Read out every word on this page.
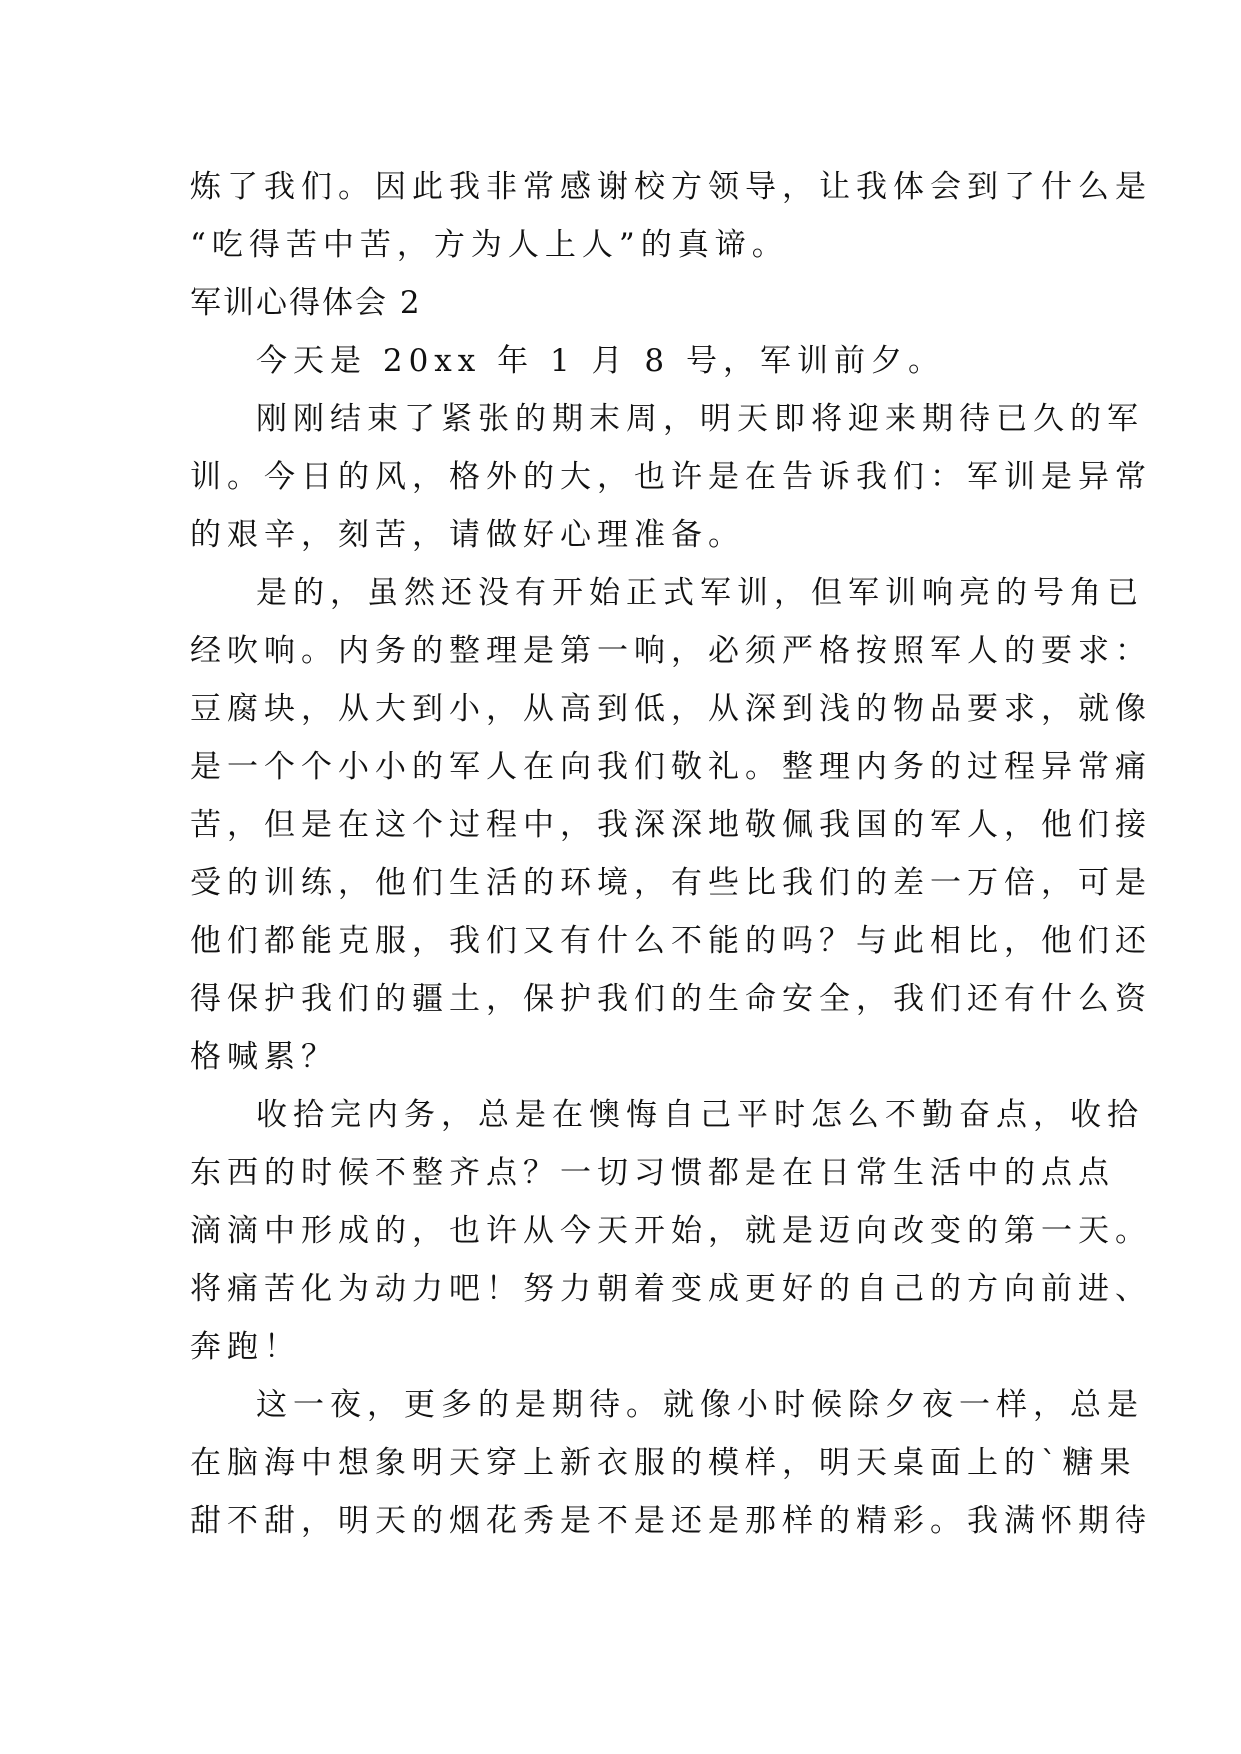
炼了我们。因此我非常感谢校方领导，让我体会到了什么是
“吃得苦中苦，方为人上人”的真谛。
军训心得体会 2
今天是 20xx 年 1 月 8 号，军训前夕。
刚刚结束了紧张的期末周，明天即将迎来期待已久的军
训。今日的风，格外的大，也许是在告诉我们：军训是异常
的艰辛，刻苦，请做好心理准备。
是的，虽然还没有开始正式军训，但军训响亮的号角已
经吹响。内务的整理是第一响，必须严格按照军人的要求：
豆腐块，从大到小，从高到低，从深到浅的物品要求，就像
是一个个小小的军人在向我们敬礼。整理内务的过程异常痛
苦，但是在这个过程中，我深深地敬佩我国的军人，他们接
受的训练，他们生活的环境，有些比我们的差一万倍，可是
他们都能克服，我们又有什么不能的吗？与此相比，他们还
得保护我们的疆土，保护我们的生命安全，我们还有什么资
格喊累？
收拾完内务，总是在懊悔自己平时怎么不勤奋点，收拾
东西的时候不整齐点？一切习惯都是在日常生活中的点点
滴滴中形成的，也许从今天开始，就是迈向改变的第一天。
将痛苦化为动力吧！努力朝着变成更好的自己的方向前进、
奔跑！
这一夜，更多的是期待。就像小时候除夕夜一样，总是
在脑海中想象明天穿上新衣服的模样，明天桌面上的`糖果
甜不甜，明天的烟花秀是不是还是那样的精彩。我满怀期待
